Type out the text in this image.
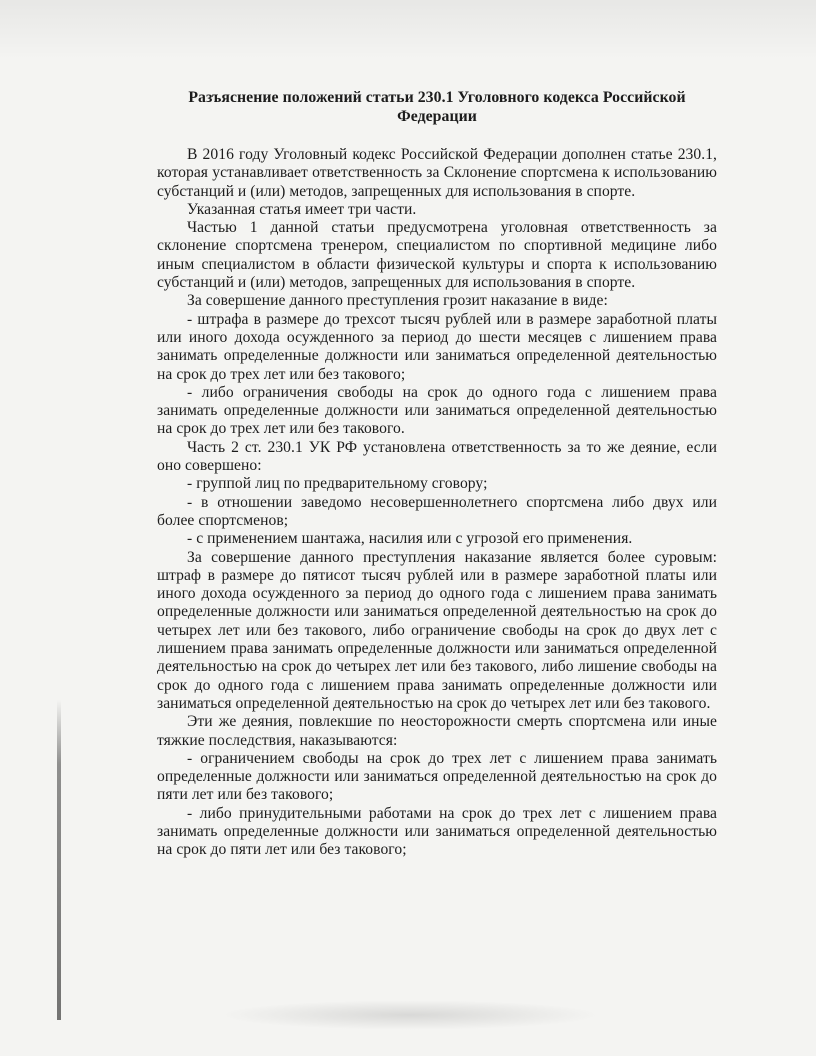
Разъяснение положений статьи 230.1 Уголовного кодекса Российской Федерации

В 2016 году Уголовный кодекс Российской Федерации дополнен статье 230.1, которая устанавливает ответственность за Склонение спортсмена к использованию субстанций и (или) методов, запрещенных для использования в спорте.

Указанная статья имеет три части.

Частью 1 данной статьи предусмотрена уголовная ответственность за склонение спортсмена тренером, специалистом по спортивной медицине либо иным специалистом в области физической культуры и спорта к использованию субстанций и (или) методов, запрещенных для использования в спорте.

За совершение данного преступления грозит наказание в виде:

- штрафа в размере до трехсот тысяч рублей или в размере заработной платы или иного дохода осужденного за период до шести месяцев с лишением права занимать определенные должности или заниматься определенной деятельностью на срок до трех лет или без такового;

- либо ограничения свободы на срок до одного года с лишением права занимать определенные должности или заниматься определенной деятельностью на срок до трех лет или без такового.

Часть 2 ст. 230.1 УК РФ установлена ответственность за то же деяние, если оно совершено:

- группой лиц по предварительному сговору;

- в отношении заведомо несовершеннолетнего спортсмена либо двух или более спортсменов;

- с применением шантажа, насилия или с угрозой его применения.

За совершение данного преступления наказание является более суровым: штраф в размере до пятисот тысяч рублей или в размере заработной платы или иного дохода осужденного за период до одного года с лишением права занимать определенные должности или заниматься определенной деятельностью на срок до четырех лет или без такового, либо ограничение свободы на срок до двух лет с лишением права занимать определенные должности или заниматься определенной деятельностью на срок до четырех лет или без такового, либо лишение свободы на срок до одного года с лишением права занимать определенные должности или заниматься определенной деятельностью на срок до четырех лет или без такового.

Эти же деяния, повлекшие по неосторожности смерть спортсмена или иные тяжкие последствия, наказываются:

- ограничением свободы на срок до трех лет с лишением права занимать определенные должности или заниматься определенной деятельностью на срок до пяти лет или без такового;

- либо принудительными работами на срок до трех лет с лишением права занимать определенные должности или заниматься определенной деятельностью на срок до пяти лет или без такового;
